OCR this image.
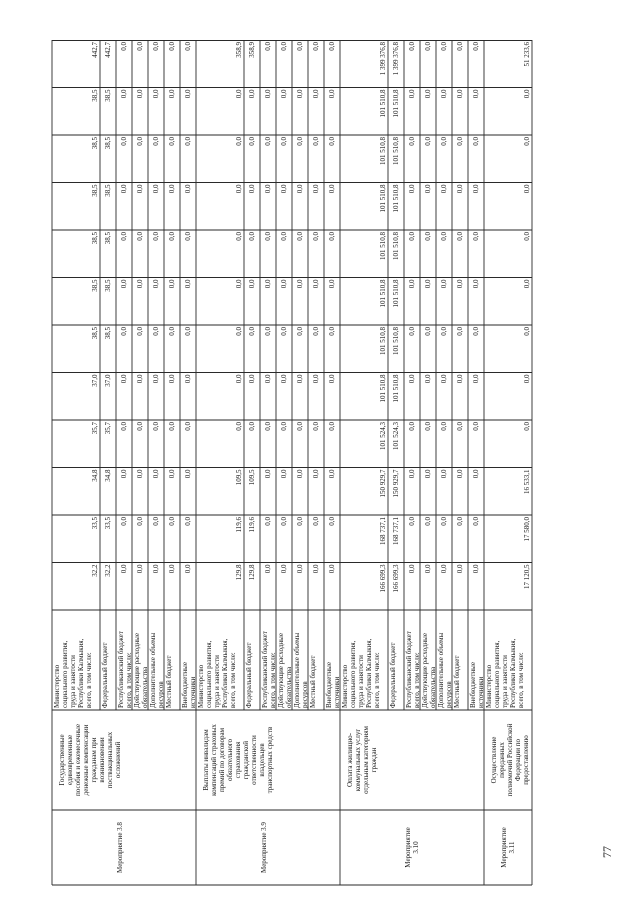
Министерство
социального развития,
труда и занятости
Республики Калмыкия,
всего, в том числе:
32,2
33,5
34,8
35,7
37,0
38,5
38,5
38,5
38,5
38,5
38,5
442,7
Федеральный бюджет
32,2
33,5
34,8
35,7
37,0
38,5
38,5
38,5
38,5
38,5
38,5
442,7
Республиканский бюджет
всего, в том числе:
0,0
0,0
0,0
0,0
0,0
0,0
0,0
0,0
0,0
0,0
0,0
0,0
Действующие расходные
обязательства
0,0
0,0
0,0
0,0
0,0
0,0
0,0
0,0
0,0
0,0
0,0
0,0
Дополнительные объемы
ресурсов
0,0
0,0
0,0
0,0
0,0
0,0
0,0
0,0
0,0
0,0
0,0
0,0
Местный бюджет
0,0
0,0
0,0
0,0
0,0
0,0
0,0
0,0
0,0
0,0
0,0
0,0
Внебюджетные
источники
0,0
0,0
0,0
0,0
0,0
0,0
0,0
0,0
0,0
0,0
0,0
0,0
Мероприятие 3.8
Государственные
единовременные
пособия и ежемесячные
денежные компенсации
гражданам при
возникновении
поствакцинальных
осложнений
Министерство
социального развития,
труда и занятости
Республики Калмыкия,
всего, в том числе:
129,8
119,6
109,5
0,0
0,0
0,0
0,0
0,0
0,0
0,0
0,0
358,9
Федеральный бюджет
129,8
119,6
109,5
0,0
0,0
0,0
0,0
0,0
0,0
0,0
0,0
358,9
Республиканский бюджет
всего, в том числе:
0,0
0,0
0,0
0,0
0,0
0,0
0,0
0,0
0,0
0,0
0,0
0,0
Действующие расходные
обязательства
0,0
0,0
0,0
0,0
0,0
0,0
0,0
0,0
0,0
0,0
0,0
0,0
Дополнительные объемы
ресурсов
0,0
0,0
0,0
0,0
0,0
0,0
0,0
0,0
0,0
0,0
0,0
0,0
Местный бюджет
0,0
0,0
0,0
0,0
0,0
0,0
0,0
0,0
0,0
0,0
0,0
0,0
Внебюджетные
источники
0,0
0,0
0,0
0,0
0,0
0,0
0,0
0,0
0,0
0,0
0,0
0,0
Мероприятие 3.9
Выплаты инвалидам
компенсаций страховых
премий по договорам
обязательного
страхования
гражданской
ответственности
владельцев
транспортных средств
Министерство
социального развития,
труда и занятости
Республики Калмыкия,
всего, в том числе:
166 699,3
168 737,1
150 929,7
101 524,3
101 510,8
101 510,8
101 510,8
101 510,8
101 510,8
101 510,8
101 510,8
1 399 376,8
Федеральный бюджет
166 699,3
168 737,1
150 929,7
101 524,3
101 510,8
101 510,8
101 510,8
101 510,8
101 510,8
101 510,8
101 510,8
1 399 376,8
Республиканский бюджет
всего, в том числе:
0,0
0,0
0,0
0,0
0,0
0,0
0,0
0,0
0,0
0,0
0,0
0,0
Действующие расходные
обязательства
0,0
0,0
0,0
0,0
0,0
0,0
0,0
0,0
0,0
0,0
0,0
0,0
Дополнительные объемы
ресурсов
0,0
0,0
0,0
0,0
0,0
0,0
0,0
0,0
0,0
0,0
0,0
0,0
Местный бюджет
0,0
0,0
0,0
0,0
0,0
0,0
0,0
0,0
0,0
0,0
0,0
0,0
Внебюджетные
источники
0,0
0,0
0,0
0,0
0,0
0,0
0,0
0,0
0,0
0,0
0,0
0,0
Мероприятие
3.10
Оплата жилищно-
коммунальных услуг
отдельным категориям
граждан
Министерство
социального развития,
труда и занятости
Республики Калмыкия,
всего, в том числе:
17 120,5
17 580,0
16 533,1
0,0
0,0
0,0
0,0
0,0
0,0
0,0
0,0
51 233,6
Мероприятие
3.11
Осуществление
переданных
полномочий Российской
Федерации по
предоставлению
77
